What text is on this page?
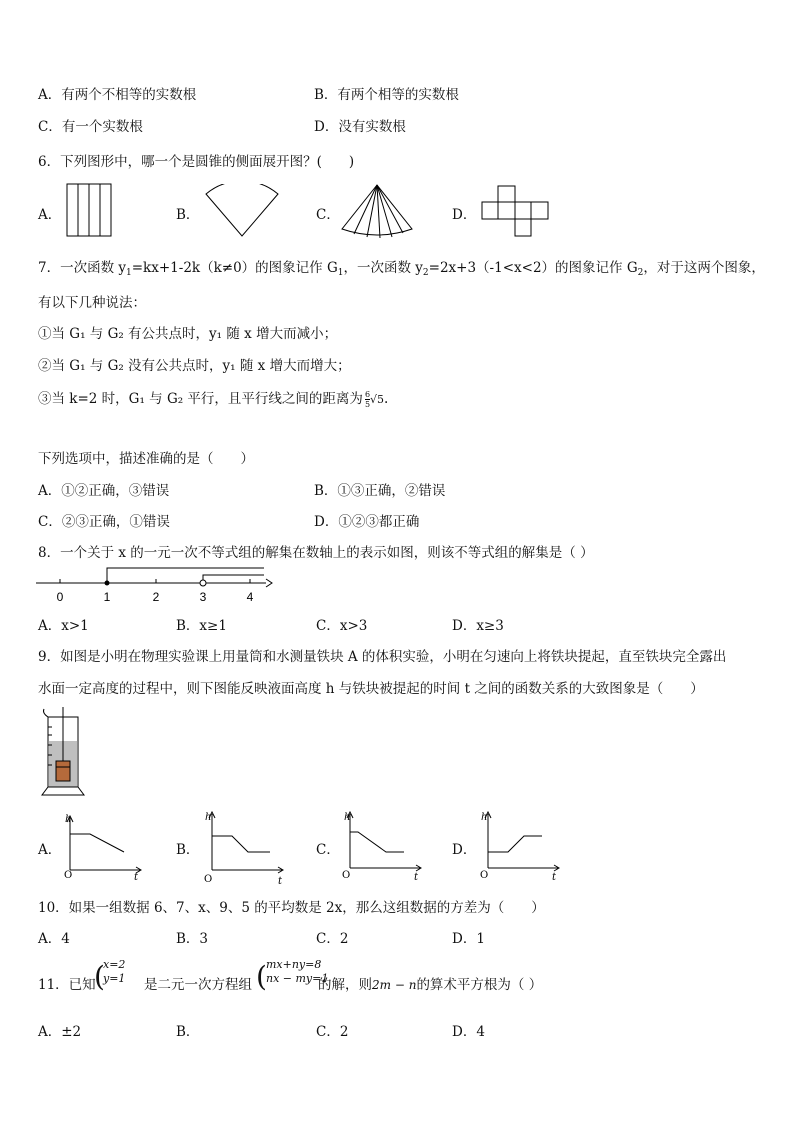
A．有两个不相等的实数根	B．有两个相等的实数根
C．有一个实数根	D．没有实数根
6．下列图形中，哪一个是圆锥的侧面展开图？(　　)
A．	B．	C．	D．
7．一次函数 $y_1=kx+1-2k(k\ne 0)$的图象记作 $G_1$，一次函数 $y_2=2x+3(-1<x<2)$的图象记作 $G_2$，对于这两个图象，
有以下几种说法：
①当 G₁ 与 G₂ 有公共点时，y₁ 随 x 增大而减小；
②当 G₁ 与 G₂ 没有公共点时，y₁ 随 x 增大而增大；
③当 k=2 时，G₁ 与 G₂ 平行，且平行线之间的距离为 $\frac{6}{5} √5$.
下列选项中，描述准确的是（　　）
A．①②正确，③错误	B．①③正确，②错误
C．②③正确，①错误	D．①②③都正确
8．一个关于 x 的一元一次不等式组的解集在数轴上的表示如图，则该不等式组的解集是（ ）
0	1	2	3	4
A．x>1	B．x≥1	C．x>3	D．x≥3
9．如图是小明在物理实验课上用量筒和水测量铁块 A 的体积实验，小明在匀速向上将铁块提起，直至铁块完全露出
水面一定高度的过程中，则下图能反映液面高度 h 与铁块被提起的时间 t 之间的函数关系的大致图象是（　　）
A．
h
t
O
B．
h
t
O
C．
h
t
O
D．
h
t
O
10．如果一组数据 6、7、x、9、5 的平均数是 2x，那么这组数据的方差为（　　）
A．4	B．3	C．2	D．1
11．已知
(
x=2
y=1 是二元一次方程组 ( mx+ny=8
nx − my=1
的解，则2m − n的算术平方根为（ ）
A．±2	B．	C．2	D．4
